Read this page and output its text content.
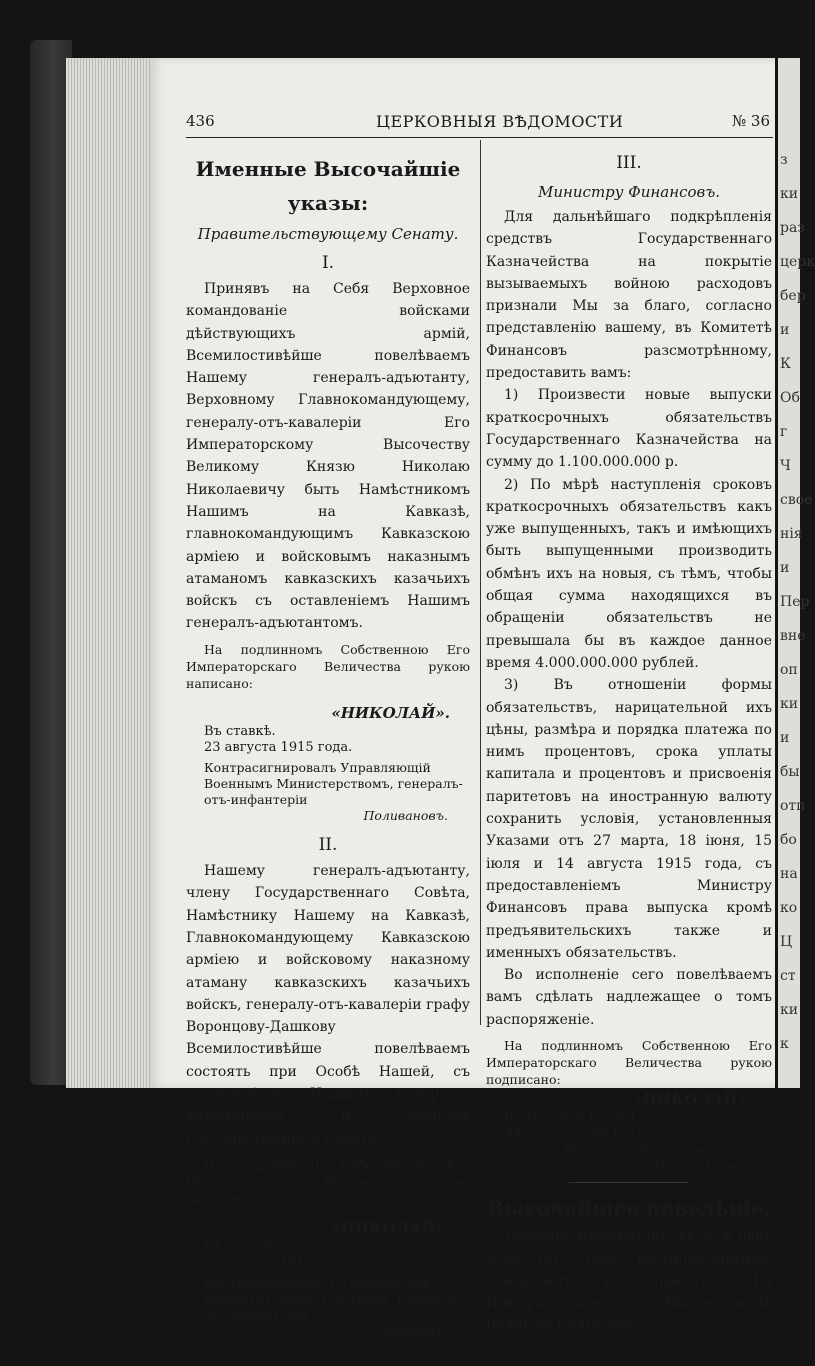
з
ки
раз
церк
бер
и
К
Об
г
Ч
свое
нія
и
Пер
вне
оп
ки
и
бы
отп
бо
на
ко
Ц
ст
ки
к
436	ЦЕРКОВНЫЯ ВѢДОМОСТИ	№ 36
Именные Высочайшіе указы:
Правительствующему Сенату.
I.

Принявъ на Себя Верховное командованіе войсками дѣйствующихъ армій, Всемилостивѣйше повелѣваемъ Нашему генералъ-адъютанту, Верховному Главнокомандующему, генералу-отъ-кавалеріи Его Императорскому Высочеству Великому Князю Николаю Николаевичу быть Намѣстникомъ Нашимъ на Кавказѣ, главнокомандующимъ Кавказскою арміею и войсковымъ наказнымъ атаманомъ кавказскихъ казачьихъ войскъ съ оставленіемъ Нашимъ генералъ-адъютантомъ.

На подлинномъ Собственною Его Императорскаго Величества рукою написано:

«НИКОЛАЙ».
Въ ставкѣ.
23 августа 1915 года.
Контрасигнировалъ Управляющій Военнымъ Министерствомъ, генералъ-отъ-инфантеріи
Поливановъ.
II.

Нашему генералъ-адъютанту, члену Государственнаго Совѣта, Намѣстнику Нашему на Кавказѣ, Главнокомандующему Кавказскою арміею и войсковому наказному атаману кавказскихъ казачьихъ войскъ, генералу-отъ-кавалеріи графу Воронцову-Дашкову Всемилостивѣйше повелѣваемъ состоять при Особѣ Нашей, съ оставленіемъ Нашимъ генералъ-адъютантомъ и членомъ Государственнаго Совѣта.

На подлинномъ Собственною Его Императорскаго Величества рукою написано:

«НИКОЛАЙ».
Въ ставкѣ.
23 августа 1915 года.
Контрасигнировалъ Управляющій Военнымъ Министерствомъ, генералъ-отъ-инфантеріи
Поливановъ.
—
III.
Министру Финансовъ.

Для дальнѣйшаго подкрѣпленія средствъ Государственнаго Казначейства на покрытіе вызываемыхъ войною расходовъ признали Мы за благо, согласно представленію вашему, въ Комитетѣ Финансовъ разсмотрѣнному, предоставить вамъ:

1) Произвести новые выпуски краткосрочныхъ обязательствъ Государственнаго Казначейства на сумму до 1.100.000.000 р.

2) По мѣрѣ наступленія сроковъ краткосрочныхъ обязательствъ какъ уже выпущенныхъ, такъ и имѣющихъ быть выпущенными производить обмѣнъ ихъ на новыя, съ тѣмъ, чтобы общая сумма находящихся въ обращеніи обязательствъ не превышала бы въ каждое данное время 4.000.000.000 рублей.

3) Въ отношеніи формы обязательствъ, нарицательной ихъ цѣны, размѣра и порядка платежа по нимъ процентовъ, срока уплаты капитала и процентовъ и присвоенія паритетовъ на иностранную валюту сохранить условія, установленныя Указами отъ 27 марта, 18 іюня, 15 іюля и 14 августа 1915 года, съ предоставленіемъ Министру Финансовъ права выпуска кромѣ предъявительскихъ также и именныхъ обязательствъ.

Во исполненіе сего повелѣваемъ вамъ сдѣлать надлежащее о томъ распоряженіе.

На подлинномъ Собственною Его Императорскаго Величества рукою подписано:

«НИКОЛАЙ».
Въ Царской Ставкѣ.
Августа 26 дня 1915 г.
Скрѣпилъ Министръ Финансовъ
Петръ Баркъ.
Высочайшее повелѣніе.

Государь Императоръ, въ 30-й день іюля 1915 года, Всемилостивѣйше соизволилъ на принятіе Ея Императорскимъ Высочествомъ Великою Княгинею
